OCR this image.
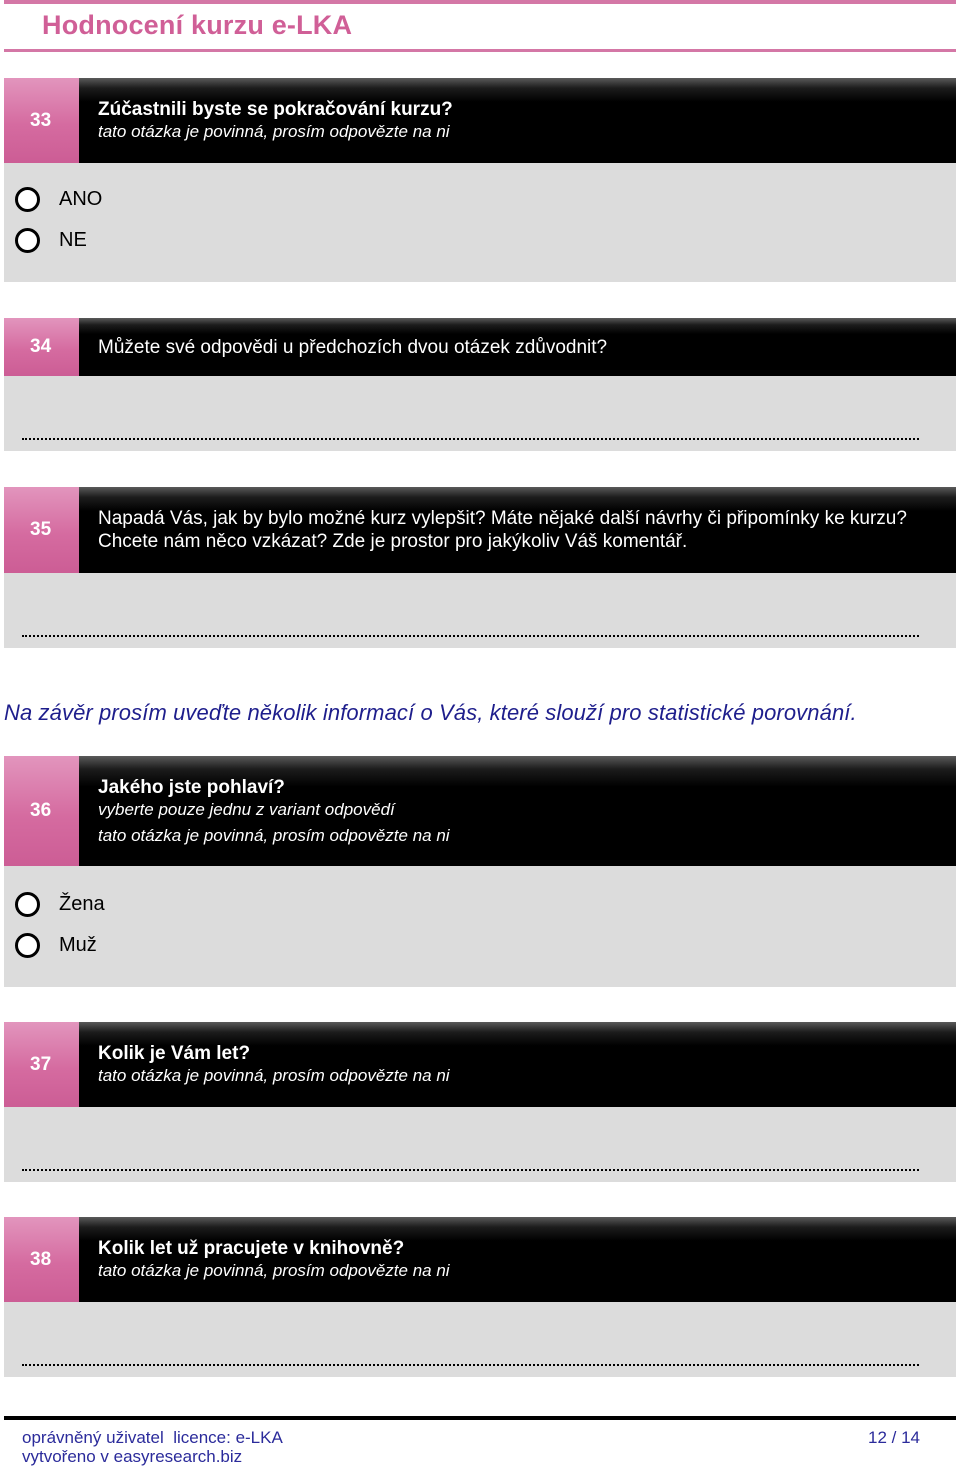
Hodnocení kurzu e-LKA
33	Zúčastnili byste se pokračování kurzu?
tato otázka je povinná, prosím odpovězte na ni
ANO
NE
34	Můžete své odpovědi u předchozích dvou otázek zdůvodnit?
35
Napadá Vás, jak by bylo možné kurz vylepšit? Máte nějaké další návrhy či připomínky ke kurzu? Chcete nám něco vzkázat? Zde je prostor pro jakýkoliv Váš komentář.
Na závěr prosím uveďte několik informací o Vás, které slouží pro statistické porovnání.
36
Jakého jste pohlaví?
vyberte pouze jednu z variant odpovědí
tato otázka je povinná, prosím odpovězte na ni
Žena
Muž
37	Kolik je Vám let?
tato otázka je povinná, prosím odpovězte na ni
38	Kolik let už pracujete v knihovně?
tato otázka je povinná, prosím odpovězte na ni
oprávněný uživatel  licence: e-LKA
vytvořeno v easyresearch.biz
12 / 14
